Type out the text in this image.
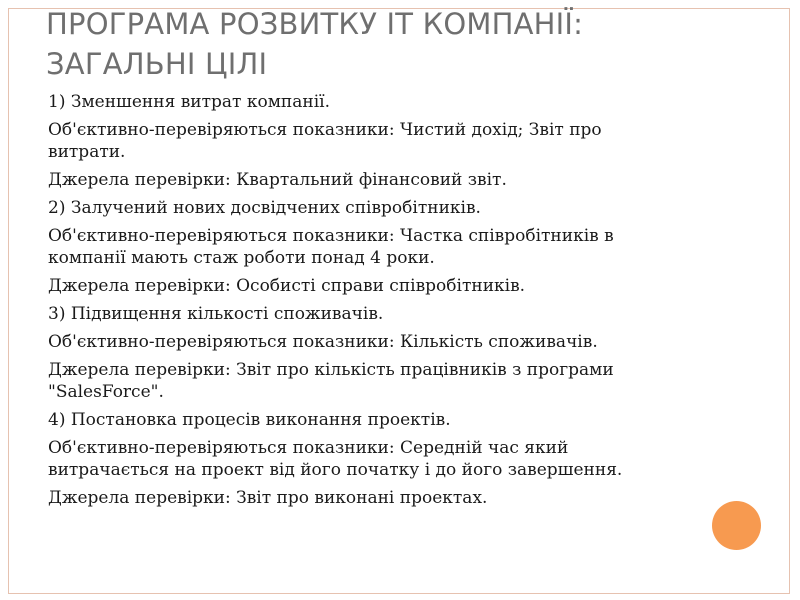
ПРОГРАМА РОЗВИТКУ ІТ КОМПАНІЇ:
ЗАГАЛЬНІ ЦІЛІ

1) Зменшення витрат компанії.

Об'єктивно-перевіряються показники: Чистий дохід; Звіт про витрати.

Джерела перевірки: Квартальний фінансовий звіт.

2) Залучений нових досвідчених співробітників.

Об'єктивно-перевіряються показники: Частка співробітників в компанії мають стаж роботи понад 4 роки.

Джерела перевірки: Особисті справи співробітників.

3) Підвищення кількості споживачів.

Об'єктивно-перевіряються показники: Кількість споживачів.

Джерела перевірки: Звіт про кількість працівників з програми "SalesForce".

4) Постановка процесів виконання проектів.

Об'єктивно-перевіряються показники: Середній час який витрачається на проект від його початку і до його завершення.

Джерела перевірки: Звіт про виконані проектах.
